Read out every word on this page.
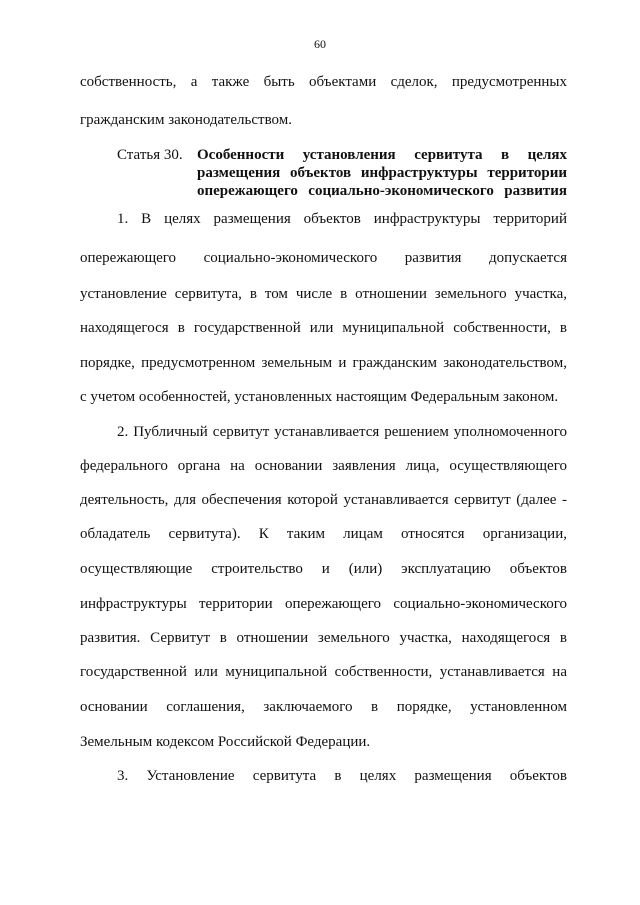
60
собственность, а также быть объектами сделок, предусмотренных
гражданским законодательством.
Статья 30. Особенности установления сервитута в целях
размещения объектов инфраструктуры территории
опережающего социально-экономического развития
1. В целях размещения объектов инфраструктуры территорий
опережающего социально-экономического развития допускается
установление сервитута, в том числе в отношении земельного участка,
находящегося в государственной или муниципальной собственности, в
порядке, предусмотренном земельным и гражданским законодательством,
с учетом особенностей, установленных настоящим Федеральным законом.
2. Публичный сервитут устанавливается решением уполномоченного
федерального органа на основании заявления лица, осуществляющего
деятельность, для обеспечения которой устанавливается сервитут (далее -
обладатель сервитута). К таким лицам относятся организации,
осуществляющие строительство и (или) эксплуатацию объектов
инфраструктуры территории опережающего социально-экономического
развития. Сервитут в отношении земельного участка, находящегося в
государственной или муниципальной собственности, устанавливается на
основании соглашения, заключаемого в порядке, установленном
Земельным кодексом Российской Федерации.
3. Установление сервитута в целях размещения объектов
